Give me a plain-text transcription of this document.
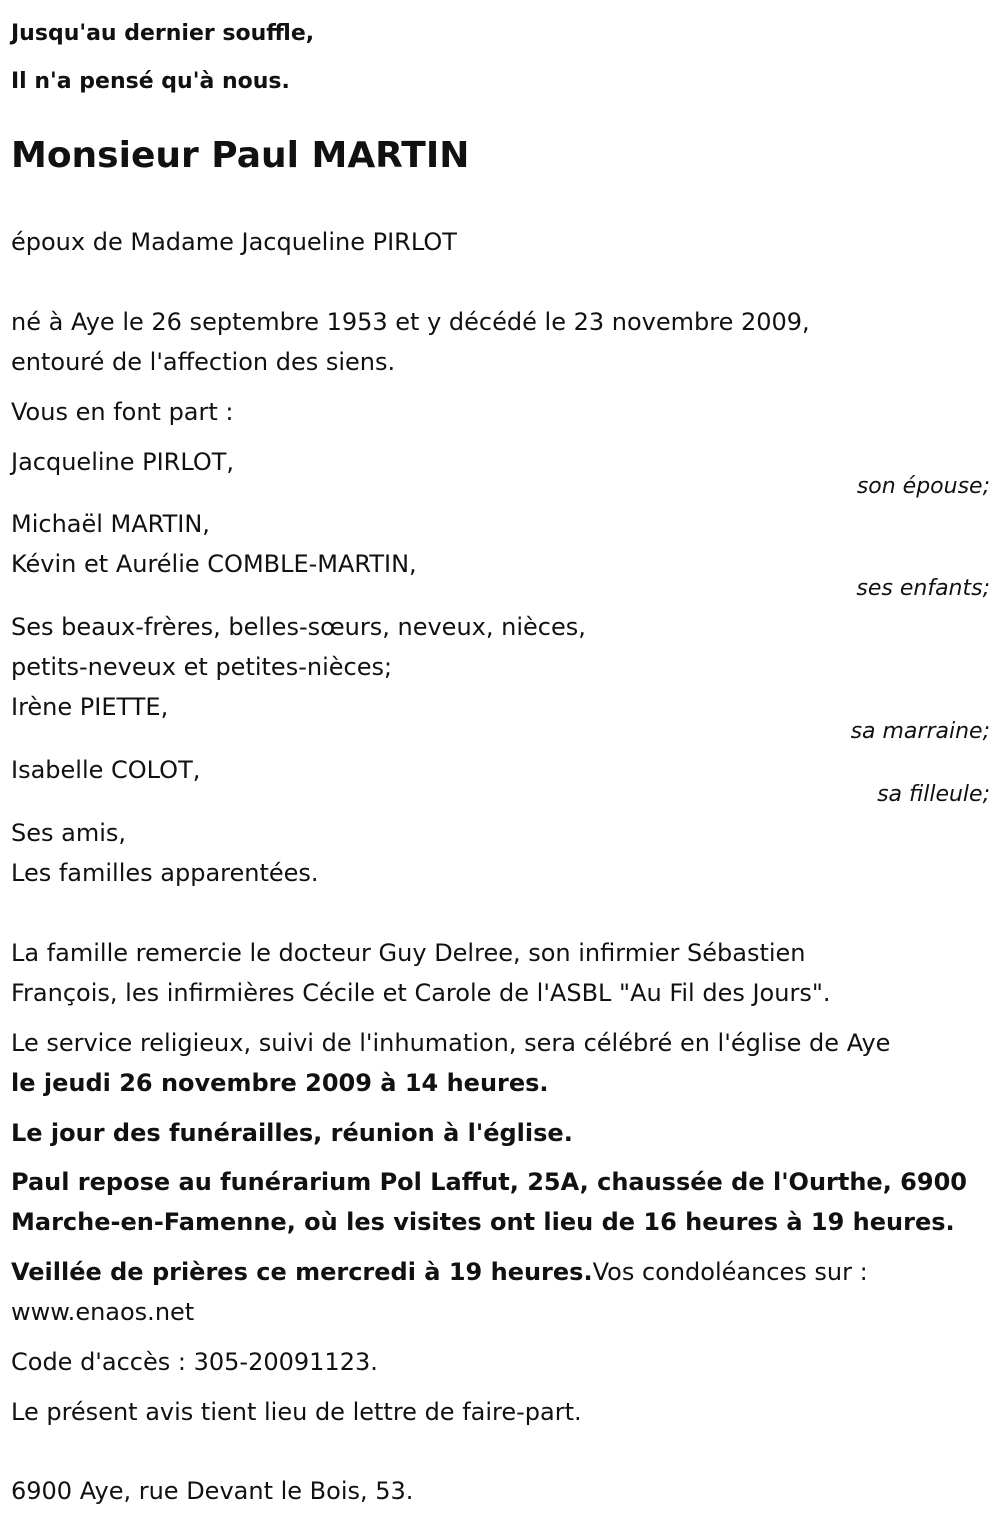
Jusqu'au dernier souffle,
Il n'a pensé qu'à nous.
Monsieur Paul MARTIN
époux de Madame Jacqueline PIRLOT
né à Aye le 26 septembre 1953 et y décédé le 23 novembre 2009,
entouré de l'affection des siens.
Vous en font part :
Jacqueline PIRLOT,
son épouse;
Michaël MARTIN,
Kévin et Aurélie COMBLE-MARTIN,
ses enfants;
Ses beaux-frères, belles-sœurs, neveux, nièces,
petits-neveux et petites-nièces;
Irène PIETTE,
sa marraine;
Isabelle COLOT,
sa filleule;
Ses amis,
Les familles apparentées.
La famille remercie le docteur Guy Delree, son infirmier Sébastien
François, les infirmières Cécile et Carole de l'ASBL "Au Fil des Jours".
Le service religieux, suivi de l'inhumation, sera célébré en l'église de Aye
le jeudi 26 novembre 2009 à 14 heures.
Le jour des funérailles, réunion à l'église.
Paul repose au funérarium Pol Laffut, 25A, chaussée de l'Ourthe, 6900
Marche-en-Famenne, où les visites ont lieu de 16 heures à 19 heures.
Veillée de prières ce mercredi à 19 heures.Vos condoléances sur :
www.enaos.net
Code d'accès : 305-20091123.
Le présent avis tient lieu de lettre de faire-part.
6900 Aye, rue Devant le Bois, 53.
